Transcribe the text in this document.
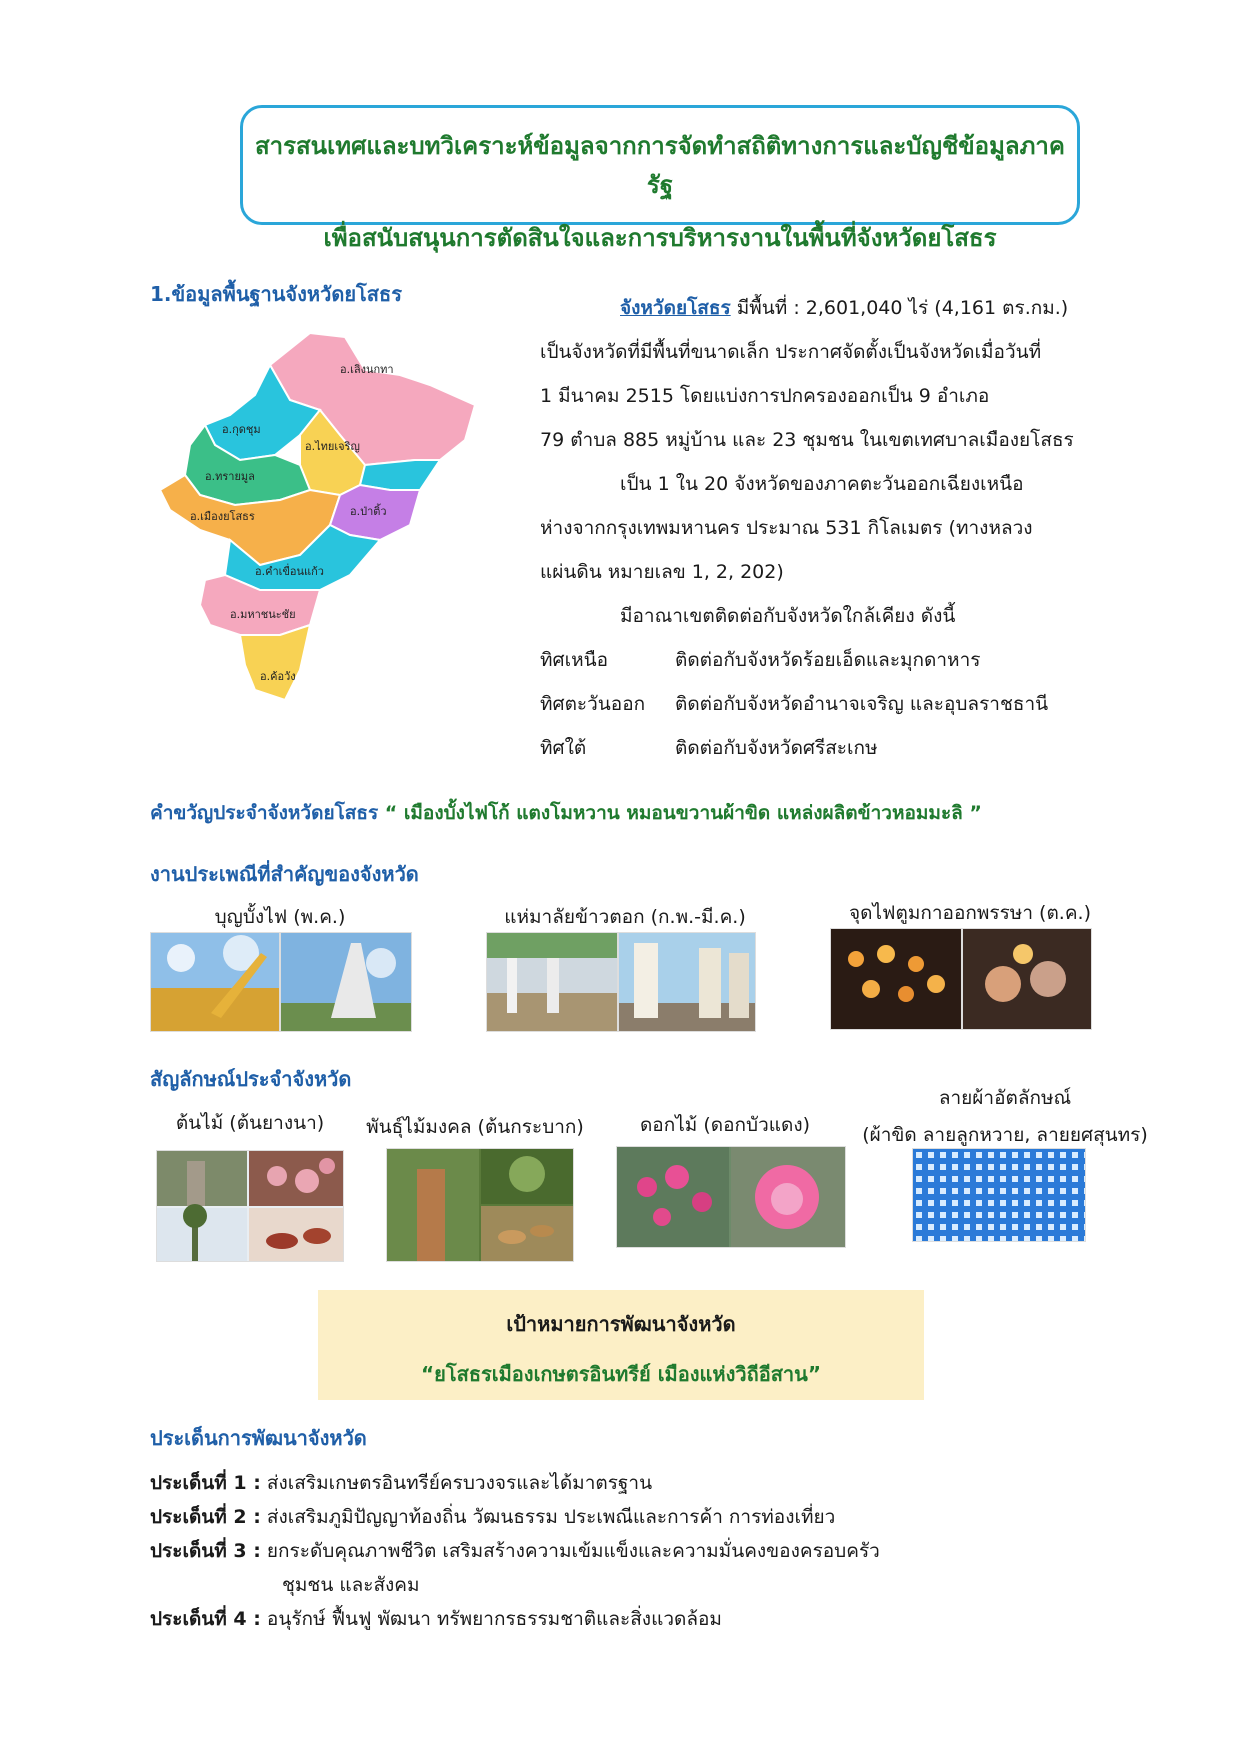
สารสนเทศและบทวิเคราะห์ข้อมูลจากการจัดทำสถิติทางการและบัญชีข้อมูลภาครัฐ
เพื่อสนับสนุนการตัดสินใจและการบริหารงานในพื้นที่จังหวัดยโสธร
1.ข้อมูลพื้นฐานจังหวัดยโสธร
อ.เลิงนกทา
อ.กุดชุม
อ.ไทยเจริญ
อ.ทรายมูล
อ.เมืองยโสธร	อ.ป่าติ้ว
อ.คำเขื่อนแก้ว
อ.มหาชนะชัย
อ.ค้อวัง
จังหวัดยโสธร มีพื้นที่ : 2,601,040 ไร่ (4,161 ตร.กม.)
เป็นจังหวัดที่มีพื้นที่ขนาดเล็ก ประกาศจัดตั้งเป็นจังหวัดเมื่อวันที่
1 มีนาคม 2515 โดยแบ่งการปกครองออกเป็น 9 อำเภอ
79 ตำบล 885 หมู่บ้าน และ 23 ชุมชน ในเขตเทศบาลเมืองยโสธร
เป็น 1 ใน 20 จังหวัดของภาคตะวันออกเฉียงเหนือ
ห่างจากกรุงเทพมหานคร ประมาณ 531 กิโลเมตร (ทางหลวง
แผ่นดิน หมายเลข 1, 2, 202)
มีอาณาเขตติดต่อกับจังหวัดใกล้เคียง ดังนี้
ทิศเหนือ	ติดต่อกับจังหวัดร้อยเอ็ดและมุกดาหาร
ทิศตะวันออก ติดต่อกับจังหวัดอำนาจเจริญ และอุบลราชธานี
ทิศใต้	ติดต่อกับจังหวัดศรีสะเกษ
คำขวัญประจำจังหวัดยโสธร “ เมืองบั้งไฟโก้ แตงโมหวาน หมอนขวานผ้าขิด แหล่งผลิตข้าวหอมมะลิ ”
งานประเพณีที่สำคัญของจังหวัด
บุญบั้งไฟ (พ.ค.)	แห่มาลัยข้าวตอก (ก.พ.-มี.ค.)	จุดไฟตูมกาออกพรรษา (ต.ค.)
สัญลักษณ์ประจำจังหวัด
ต้นไม้ (ต้นยางนา)	พันธุ์ไม้มงคล (ต้นกระบาก)	ดอกไม้ (ดอกบัวแดง)
ลายผ้าอัตลักษณ์
(ผ้าขิด ลายลูกหวาย, ลายยศสุนทร)
เป้าหมายการพัฒนาจังหวัด
“ยโสธรเมืองเกษตรอินทรีย์ เมืองแห่งวิถีอีสาน”
ประเด็นการพัฒนาจังหวัด
ประเด็นที่ 1 : ส่งเสริมเกษตรอินทรีย์ครบวงจรและได้มาตรฐาน
ประเด็นที่ 2 : ส่งเสริมภูมิปัญญาท้องถิ่น วัฒนธรรม ประเพณีและการค้า การท่องเที่ยว
ประเด็นที่ 3 : ยกระดับคุณภาพชีวิต เสริมสร้างความเข้มแข็งและความมั่นคงของครอบครัว
ชุมชน และสังคม
ประเด็นที่ 4 : อนุรักษ์ ฟื้นฟู พัฒนา ทรัพยากรธรรมชาติและสิ่งแวดล้อม
